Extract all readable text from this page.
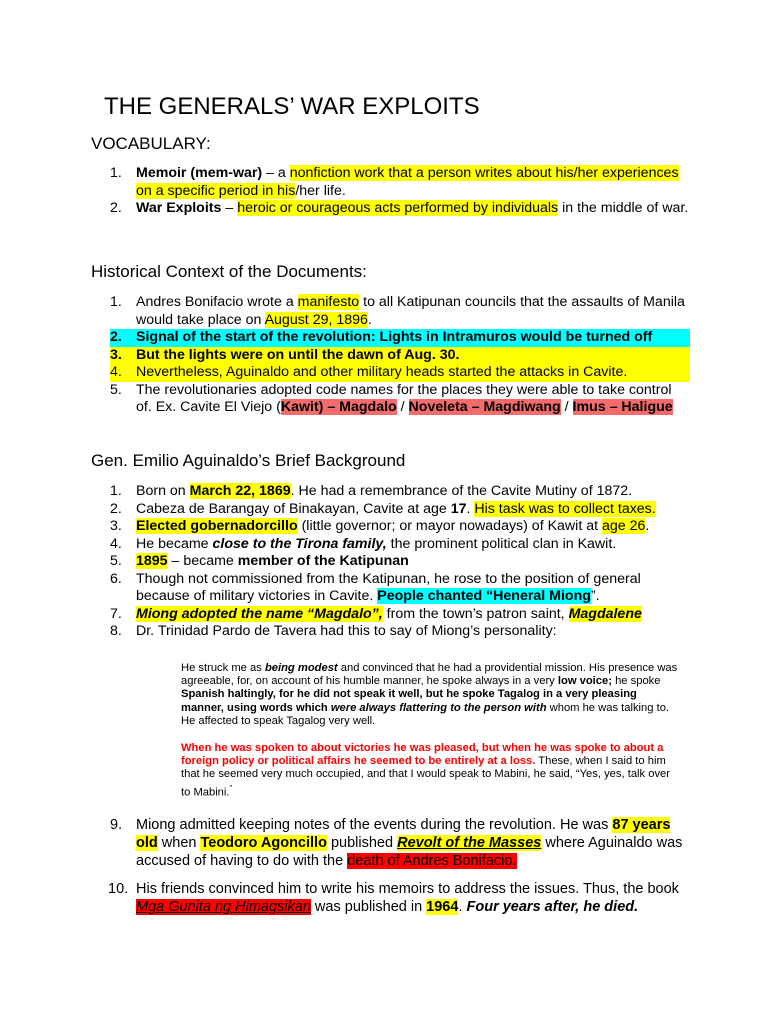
THE GENERALS’ WAR EXPLOITS
VOCABULARY:
1. Memoir (mem-war) – a nonfiction work that a person writes about his/her experiences on a specific period in his/her life.
2. War Exploits – heroic or courageous acts performed by individuals in the middle of war.
Historical Context of the Documents:
1. Andres Bonifacio wrote a manifesto to all Katipunan councils that the assaults of Manila would take place on August 29, 1896.
2. Signal of the start of the revolution: Lights in Intramuros would be turned off
3. But the lights were on until the dawn of Aug. 30.
4. Nevertheless, Aguinaldo and other military heads started the attacks in Cavite.
5. The revolutionaries adopted code names for the places they were able to take control of. Ex. Cavite El Viejo (Kawit) – Magdalo / Noveleta – Magdiwang / Imus – Haligue
Gen. Emilio Aguinaldo’s Brief Background
1. Born on March 22, 1869. He had a remembrance of the Cavite Mutiny of 1872.
2. Cabeza de Barangay of Binakayan, Cavite at age 17. His task was to collect taxes.
3. Elected gobernadorcillo (little governor; or mayor nowadays) of Kawit at age 26.
4. He became close to the Tirona family, the prominent political clan in Kawit.
5. 1895 – became member of the Katipunan
6. Though not commissioned from the Katipunan, he rose to the position of general because of military victories in Cavite. People chanted “Heneral Miong”.
7. Miong adopted the name “Magdalo”, from the town’s patron saint, Magdalene
8. Dr. Trinidad Pardo de Tavera had this to say of Miong’s personality:

He struck me as being modest and convinced that he had a providential mission. His presence was agreeable, for, on account of his humble manner, he spoke always in a very low voice; he spoke Spanish haltingly, for he did not speak it well, but he spoke Tagalog in a very pleasing manner, using words which were always flattering to the person with whom he was talking to. He affected to speak Tagalog very well.

When he was spoken to about victories he was pleased, but when he was spoke to about a foreign policy or political affairs he seemed to be entirely at a loss. These, when I said to him that he seemed very much occupied, and that I would speak to Mabini, he said, “Yes, yes, talk over to Mabini.”

9. Miong admitted keeping notes of the events during the revolution. He was 87 years old when Teodoro Agoncillo published Revolt of the Masses where Aguinaldo was accused of having to do with the death of Andres Bonifacio.
10. His friends convinced him to write his memoirs to address the issues. Thus, the book Mga Gunita ng Himagsikan was published in 1964. Four years after, he died.
